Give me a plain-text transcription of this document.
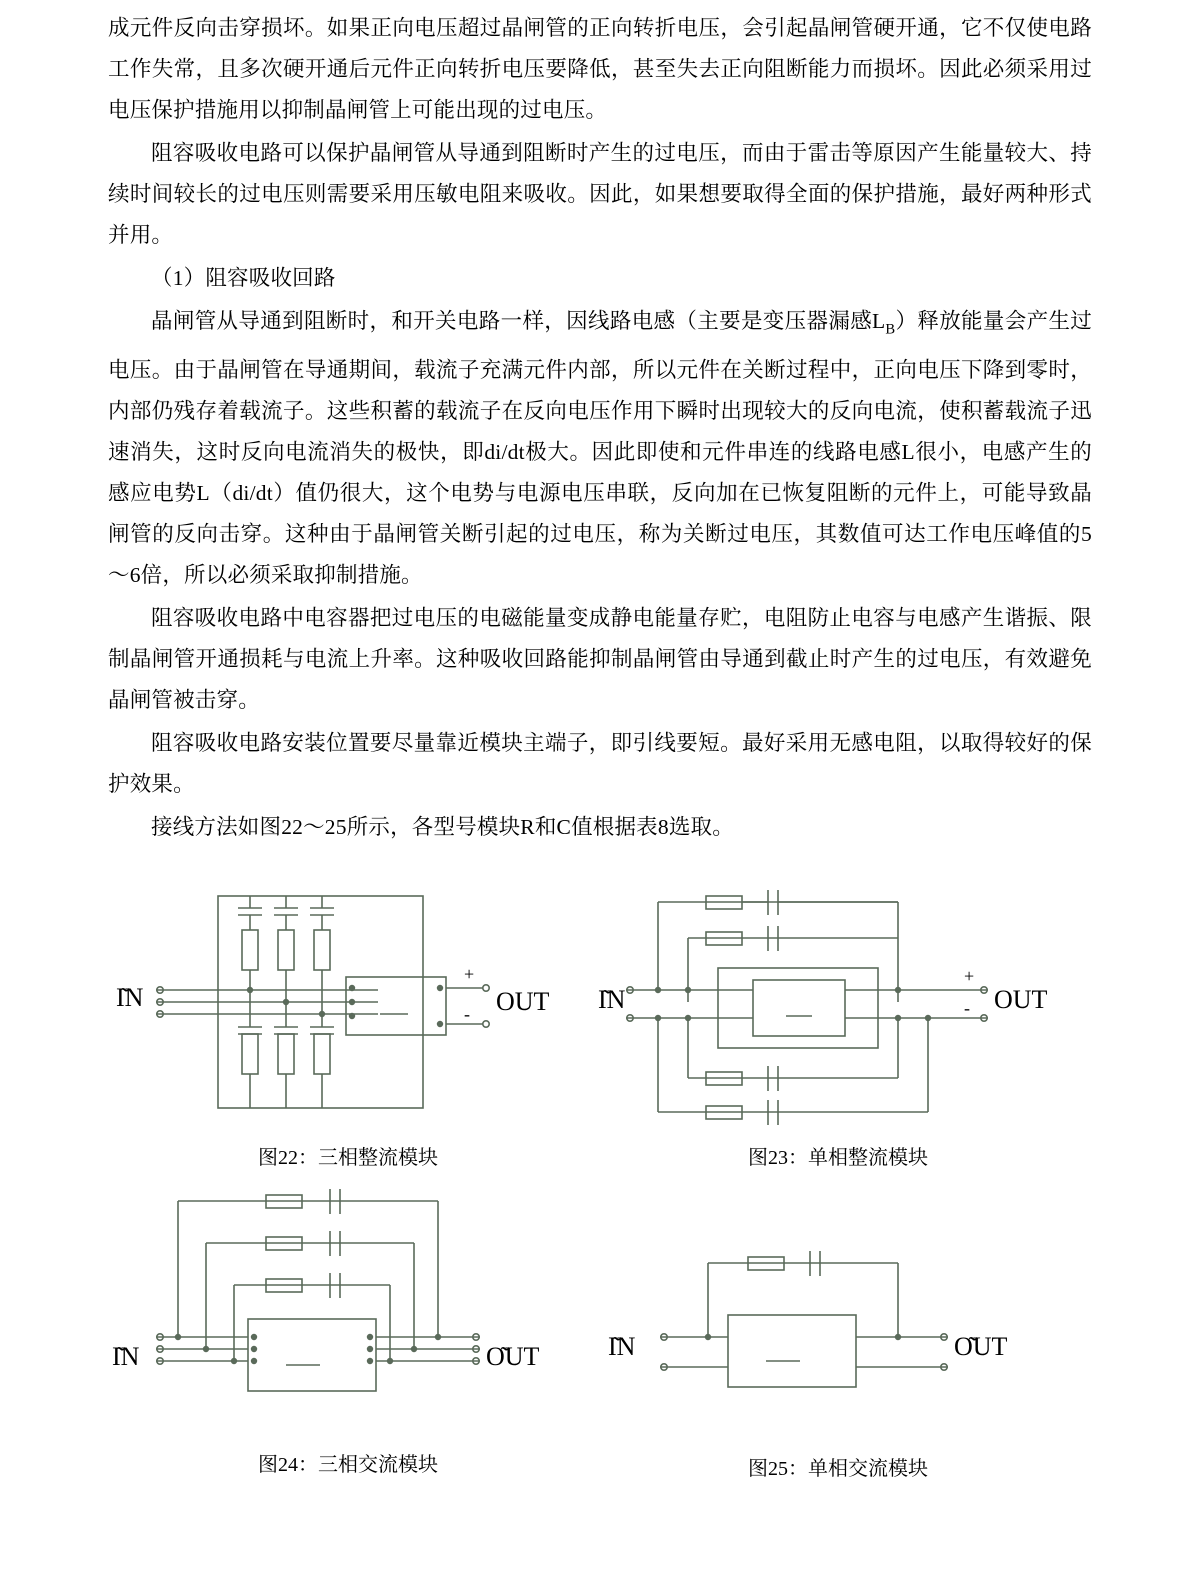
成元件反向击穿损坏。如果正向电压超过晶闸管的正向转折电压，会引起晶闸管硬开通，它不仅使电路工作失常，且多次硬开通后元件正向转折电压要降低，甚至失去正向阻断能力而损坏。因此必须采用过电压保护措施用以抑制晶闸管上可能出现的过电压。

阻容吸收电路可以保护晶闸管从导通到阻断时产生的过电压，而由于雷击等原因产生能量较大、持续时间较长的过电压则需要采用压敏电阻来吸收。因此，如果想要取得全面的保护措施，最好两种形式并用。

（1）阻容吸收回路

晶闸管从导通到阻断时，和开关电路一样，因线路电感（主要是变压器漏感$L_B$）释放能量会产生过电压。由于晶闸管在导通期间，载流子充满元件内部，所以元件在关断过程中，正向电压下降到零时，内部仍残存着载流子。这些积蓄的载流子在反向电压作用下瞬时出现较大的反向电流，使积蓄载流子迅速消失，这时反向电流消失的极快，即di/dt极大。因此即使和元件串连的线路电感L很小，电感产生的感应电势L（di/dt）值仍很大，这个电势与电源电压串联，反向加在已恢复阻断的元件上，可能导致晶闸管的反向击穿。这种由于晶闸管关断引起的过电压，称为关断过电压，其数值可达工作电压峰值的5～6倍，所以必须采取抑制措施。

阻容吸收电路中电容器把过电压的电磁能量变成静电能量存贮，电阻防止电容与电感产生谐振、限制晶闸管开通损耗与电流上升率。这种吸收回路能抑制晶闸管由导通到截止时产生的过电压，有效避免晶闸管被击穿。

阻容吸收电路安装位置要尽量靠近模块主端子，即引线要短。最好采用无感电阻，以取得较好的保护效果。

接线方法如图22～25所示，各型号模块R和C值根据表8选取。

I͂N	OUT
+
-
图22：三相整流模块
I͂N	OUT
+
-
图23：单相整流模块
I͂N	O͂UT
图24：三相交流模块
I͂N	O͂UT
图25：单相交流模块
